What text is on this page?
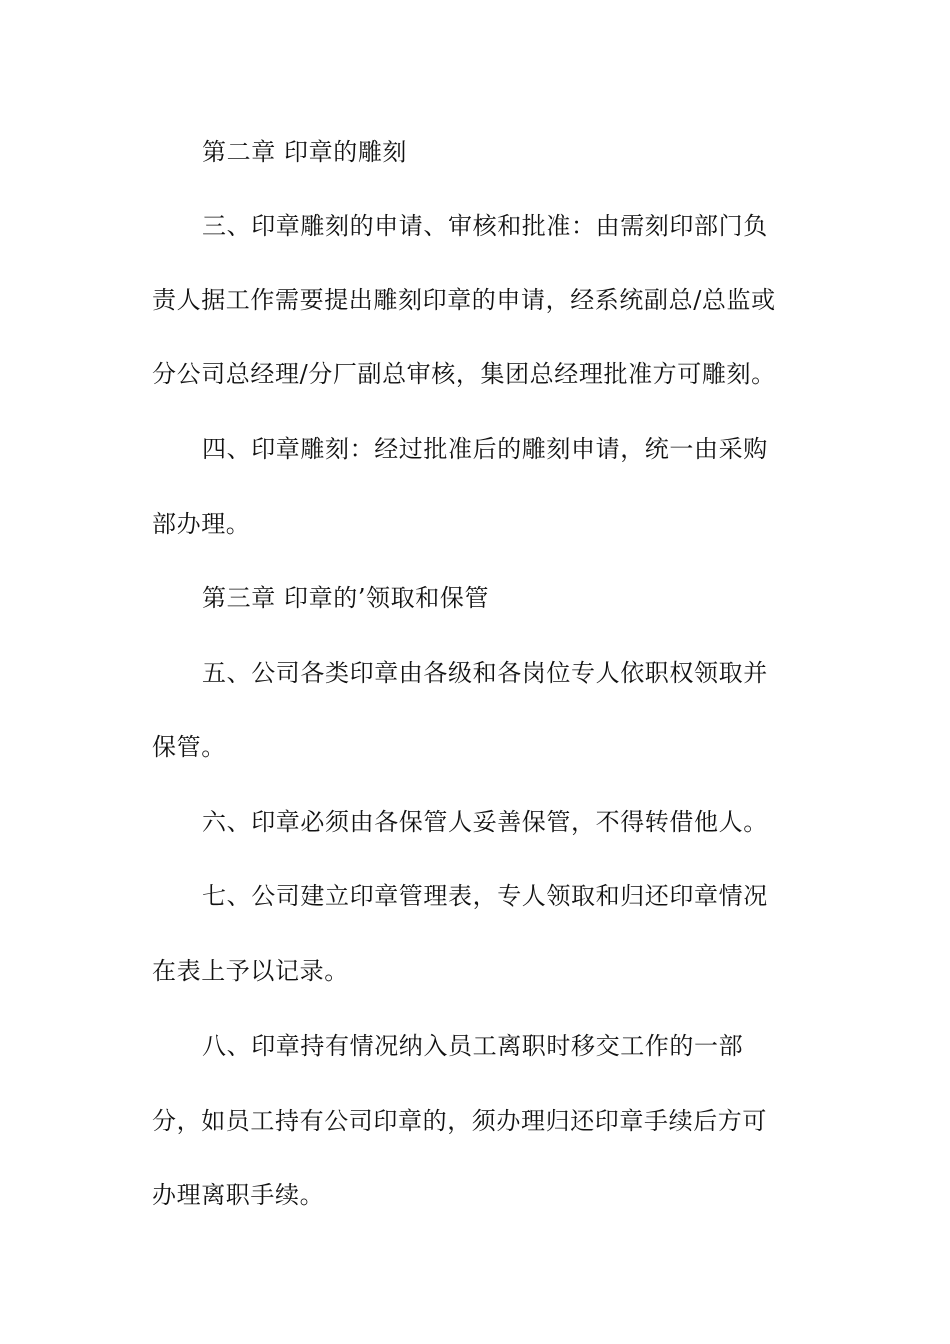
第二章 印章的雕刻

三、印章雕刻的申请、审核和批准：由需刻印部门负

责人据工作需要提出雕刻印章的申请，经系统副总/总监或

分公司总经理/分厂副总审核，集团总经理批准方可雕刻。

四、印章雕刻：经过批准后的雕刻申请，统一由采购

部办理。

第三章 印章的’领取和保管

五、公司各类印章由各级和各岗位专人依职权领取并

保管。

六、印章必须由各保管人妥善保管，不得转借他人。

七、公司建立印章管理表，专人领取和归还印章情况

在表上予以记录。

八、印章持有情况纳入员工离职时移交工作的一部

分，如员工持有公司印章的，须办理归还印章手续后方可

办理离职手续。
